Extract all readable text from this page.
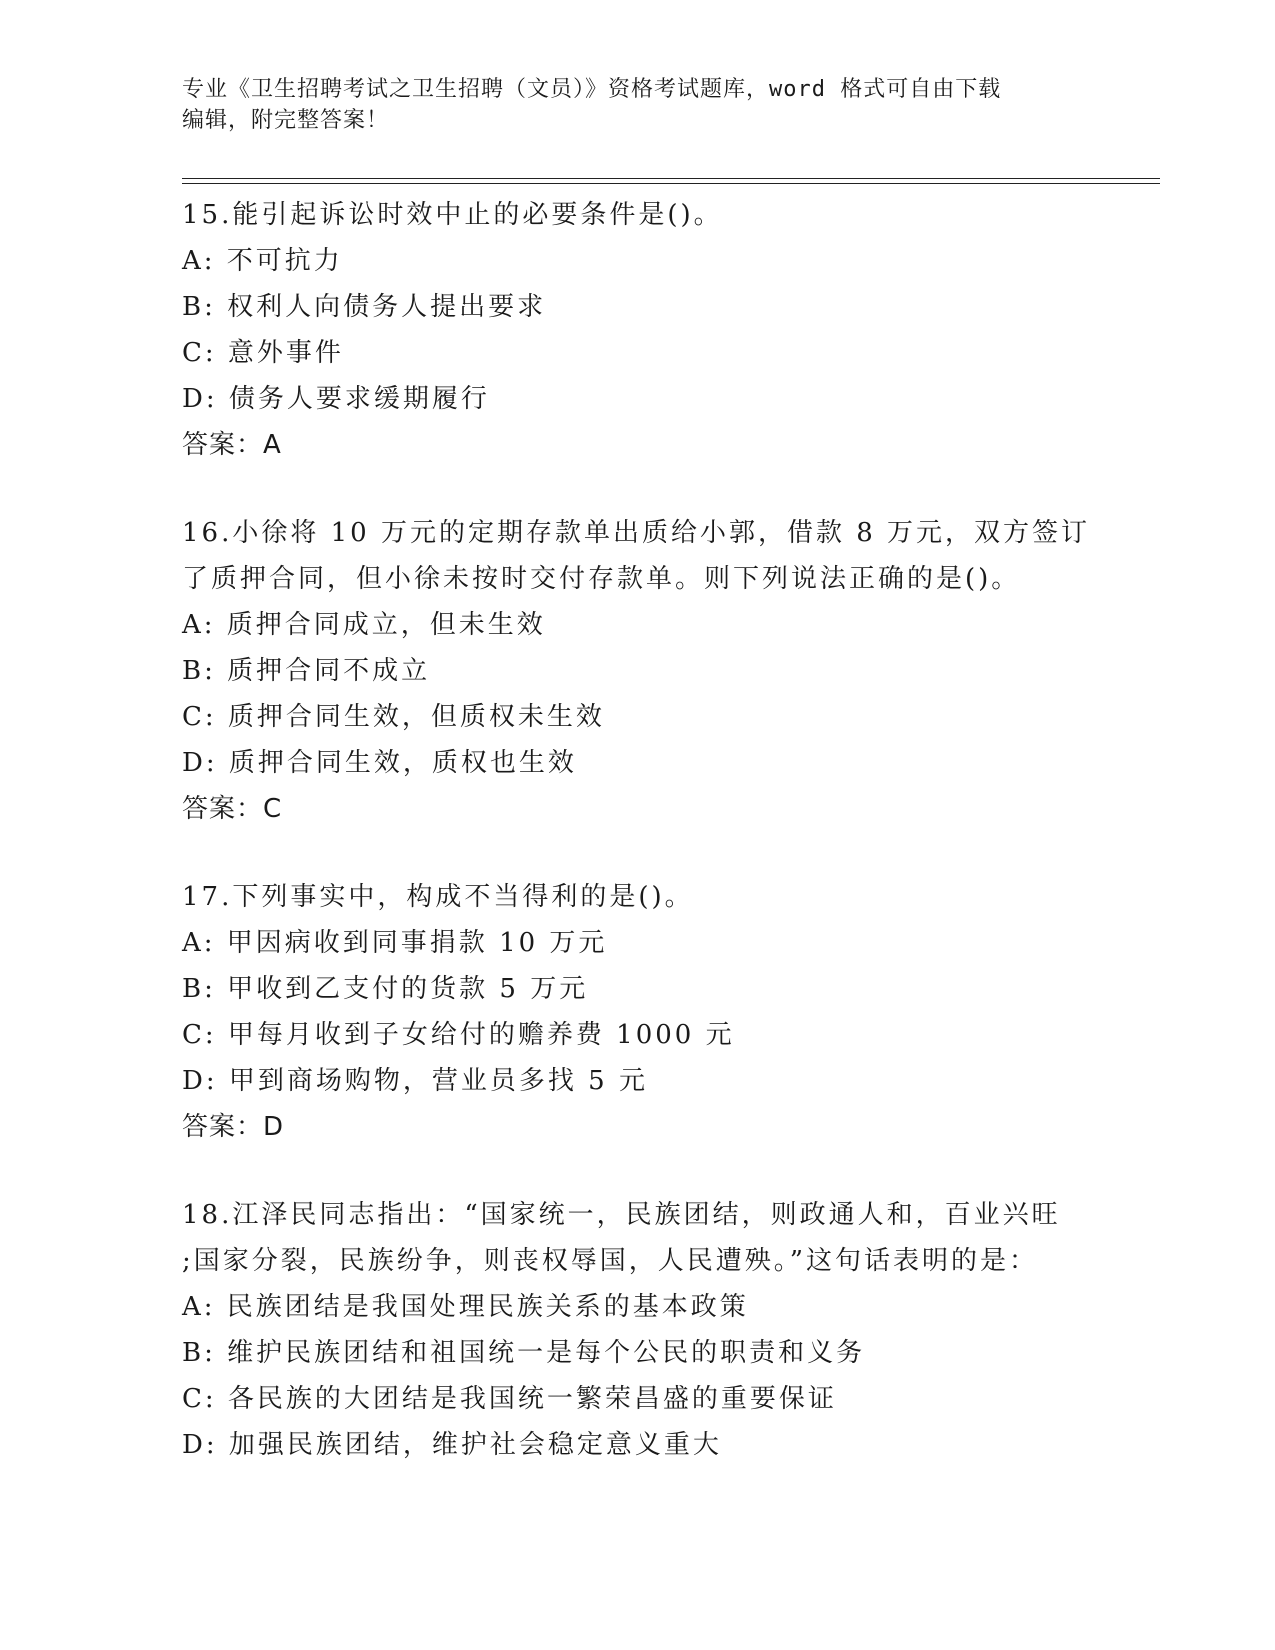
专业《卫生招聘考试之卫生招聘（文员）》资格考试题库，word 格式可自由下载
编辑，附完整答案！
15.能引起诉讼时效中止的必要条件是()。
A: 不可抗力
B: 权利人向债务人提出要求
C: 意外事件
D: 债务人要求缓期履行
答案：A
16.小徐将 10 万元的定期存款单出质给小郭，借款 8 万元，双方签订
了质押合同，但小徐未按时交付存款单。则下列说法正确的是()。
A: 质押合同成立，但未生效
B: 质押合同不成立
C: 质押合同生效，但质权未生效
D: 质押合同生效，质权也生效
答案：C
17.下列事实中，构成不当得利的是()。
A: 甲因病收到同事捐款 10 万元
B: 甲收到乙支付的货款 5 万元
C: 甲每月收到子女给付的赡养费 1000 元
D: 甲到商场购物，营业员多找 5 元
答案：D
18.江泽民同志指出：“国家统一，民族团结，则政通人和，百业兴旺
;国家分裂，民族纷争，则丧权辱国，人民遭殃。”这句话表明的是：
A: 民族团结是我国处理民族关系的基本政策
B: 维护民族团结和祖国统一是每个公民的职责和义务
C: 各民族的大团结是我国统一繁荣昌盛的重要保证
D: 加强民族团结，维护社会稳定意义重大
